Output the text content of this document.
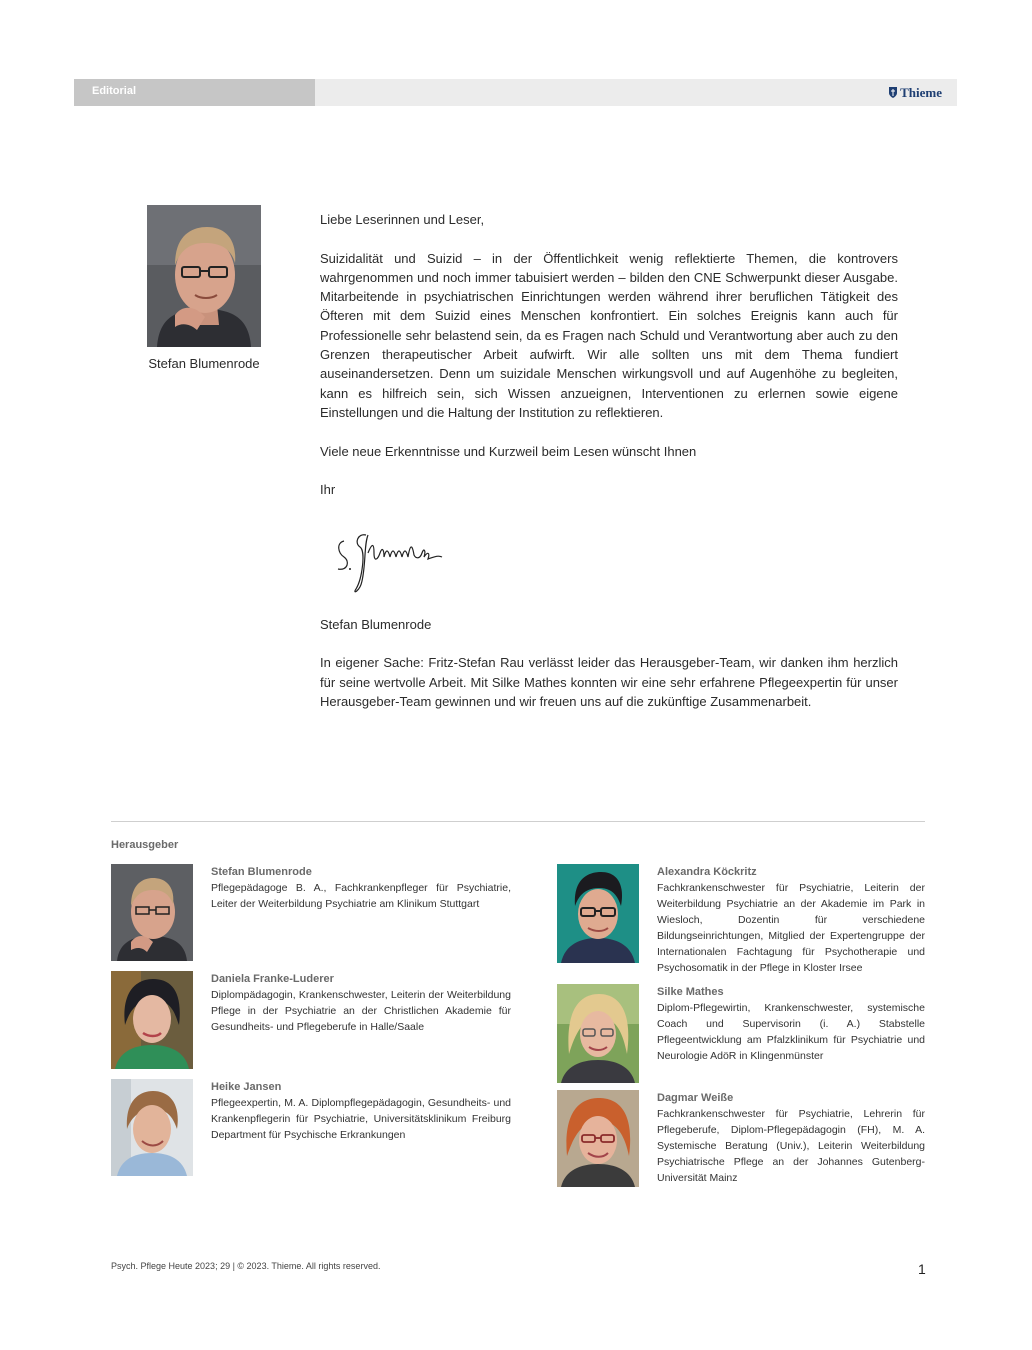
Editorial	Thieme
Stefan Blumenrode

Liebe Leserinnen und Leser,

Suizidalität und Suizid – in der Öffentlichkeit wenig reflektierte Themen, die kontrovers wahrgenommen und noch immer tabuisiert werden – bilden den CNE Schwerpunkt dieser Ausgabe. Mitarbeitende in psychiatrischen Einrichtungen werden während ihrer beruflichen Tätigkeit des Öfteren mit dem Suizid eines Menschen konfrontiert. Ein solches Ereignis kann auch für Professionelle sehr belastend sein, da es Fragen nach Schuld und Verantwortung aber auch zu den Grenzen therapeutischer Arbeit aufwirft. Wir alle sollten uns mit dem Thema fundiert auseinandersetzen. Denn um suizidale Menschen wirkungsvoll und auf Augenhöhe zu begleiten, kann es hilfreich sein, sich Wissen anzueignen, Interventionen zu erlernen sowie eigene Einstellungen und die Haltung der Institution zu reflektieren.

Viele neue Erkenntnisse und Kurzweil beim Lesen wünscht Ihnen

Ihr

Stefan Blumenrode

In eigener Sache: Fritz-Stefan Rau verlässt leider das Herausgeber-Team, wir danken ihm herzlich für seine wertvolle Arbeit. Mit Silke Mathes konnten wir eine sehr erfahrene Pflegeexpertin für unser Herausgeber-Team gewinnen und wir freuen uns auf die zukünftige Zusammenarbeit.

Herausgeber
Stefan Blumenrode
Pflegepädagoge B. A., Fachkrankenpfleger für Psychiatrie, Leiter der Weiterbildung Psychiatrie am Klinikum Stuttgart
Daniela Franke-Luderer
Diplompädagogin, Krankenschwester, Leiterin der Weiterbildung Pflege in der Psychiatrie an der Christlichen Akademie für Gesundheits- und Pflegeberufe in Halle/Saale
Heike Jansen
Pflegeexpertin, M. A. Diplompflegepädagogin, Gesundheits- und Krankenpflegerin für Psychiatrie, Universitätsklinikum Freiburg Department für Psychische Erkrankungen
Alexandra Köckritz
Fachkrankenschwester für Psychiatrie, Leiterin der Weiterbildung Psychiatrie an der Akademie im Park in Wiesloch, Dozentin für verschiedene Bildungseinrichtungen, Mitglied der Expertengruppe der Internationalen Fachtagung für Psychotherapie und Psychosomatik in der Pflege in Kloster Irsee
Silke Mathes
Diplom-Pflegewirtin, Krankenschwester, systemische Coach und Supervisorin (i. A.) Stabstelle Pflegeentwicklung am Pfalzklinikum für Psychiatrie und Neurologie AdöR in Klingenmünster
Dagmar Weiße
Fachkrankenschwester für Psychiatrie, Lehrerin für Pflegeberufe, Diplom-Pflegepädagogin (FH), M. A. Systemische Beratung (Univ.), Leiterin Weiterbildung Psychiatrische Pflege an der Johannes Gutenberg-Universität Mainz
Psych. Pflege Heute 2023; 29 | © 2023. Thieme. All rights reserved.	1
